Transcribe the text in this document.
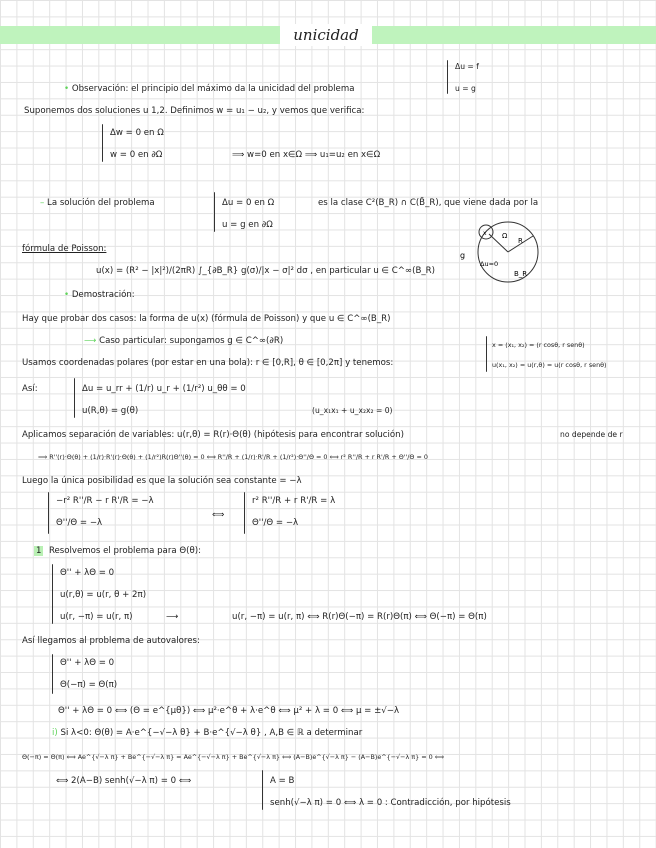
unicidad
• Observación: el principio del máximo da la unicidad del problema
Δu = f
u = g
Suponemos dos soluciones u 1,2. Definimos w = u₁ − u₂, y vemos que verifica:
Δw = 0 en Ω
w = 0 en ∂Ω	⟹ w=0 en x∈Ω ⟹ u₁=u₂ en x∈Ω
– La solución del problema	Δu = 0 en Ω
u = g en ∂Ω
es la clase C²(B_R) ∩ C(B̄_R), que viene dada por la
fórmula de Poisson:
u(x) = (R² − |x|²)/(2πR) ∫_{∂B_R} g(σ)/|x − σ|² dσ , en particular u ∈ C^∞(B_R)
g
x
R
Ω
Δu=0
B_R
• Demostración:
Hay que probar dos casos: la forma de u(x) (fórmula de Poisson) y que u ∈ C^∞(B_R)
⟶ Caso particular: supongamos g ∈ C^∞(∂R)
Usamos coordenadas polares (por estar en una bola): r ∈ [0,R], θ ∈ [0,2π] y tenemos:
x = (x₁, x₂) = (r cosθ, r senθ)
u(x₁, x₂) = u(r,θ) = u(r cosθ, r senθ)
Así:	Δu = u_rr + (1/r) u_r + (1/r²) u_θθ = 0
u(R,θ) = g(θ)	(u_x₁x₁ + u_x₂x₂ = 0)
Aplicamos separación de variables: u(r,θ) = R(r)·Θ(θ) (hipótesis para encontrar solución)	no depende de r
⟹ R''(r)·Θ(θ) + (1/r)·R'(r)·Θ(θ) + (1/r²)R(r)Θ''(θ) = 0 ⟺ R''/R + (1/r)·R'/R + (1/r²)·Θ''/Θ = 0 ⟺ r² R''/R + r R'/R + Θ''/Θ = 0
Luego la única posibilidad es que la solución sea constante = −λ
−r² R''/R − r R'/R = −λ
Θ''/Θ = −λ
⟺
r² R''/R + r R'/R = λ
Θ''/Θ = −λ
1 Resolvemos el problema para Θ(θ):
Θ'' + λΘ = 0
u(r,θ) = u(r, θ + 2π)
u(r, −π) = u(r, π)	⟶	u(r, −π) = u(r, π) ⟺ R(r)Θ(−π) = R(r)Θ(π) ⟺ Θ(−π) = Θ(π)
Así llegamos al problema de autovalores:
Θ'' + λΘ = 0
Θ(−π) = Θ(π)
Θ'' + λΘ = 0 ⟺ (Θ = e^{μθ}) ⟺ μ²·e^θ + λ·e^θ ⟺ μ² + λ = 0 ⟺ μ = ±√−λ
i) Si λ<0: Θ(θ) = A·e^{−√−λ θ} + B·e^{√−λ θ} , A,B ∈ ℝ a determinar
Θ(−π) = Θ(π) ⟺ Ae^{√−λ π} + Be^{−√−λ π} = Ae^{−√−λ π} + Be^{√−λ π} ⟺ (A−B)e^{√−λ π} − (A−B)e^{−√−λ π} = 0 ⟺
⟺ 2(A−B) senh(√−λ π) = 0 ⟺	A = B
senh(√−λ π) = 0 ⟺ λ = 0 : Contradicción, por hipótesis
